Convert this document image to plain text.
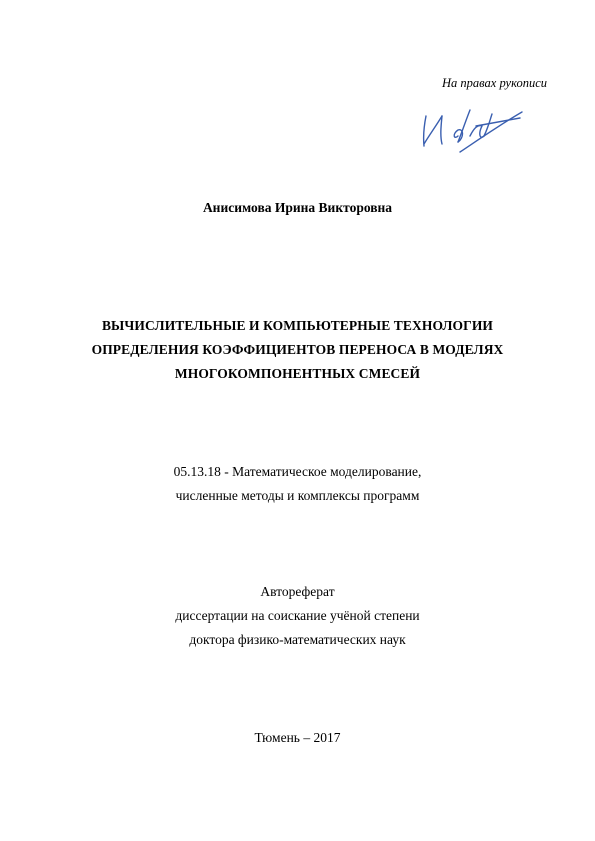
На правах рукописи
Анисимова Ирина Викторовна
ВЫЧИСЛИТЕЛЬНЫЕ И КОМПЬЮТЕРНЫЕ ТЕХНОЛОГИИ
ОПРЕДЕЛЕНИЯ КОЭФФИЦИЕНТОВ ПЕРЕНОСА В МОДЕЛЯХ
МНОГОКОМПОНЕНТНЫХ СМЕСЕЙ
05.13.18 - Математическое моделирование,
численные методы и комплексы программ
Автореферат
диссертации на соискание учёной степени
доктора физико-математических наук
Тюмень – 2017
